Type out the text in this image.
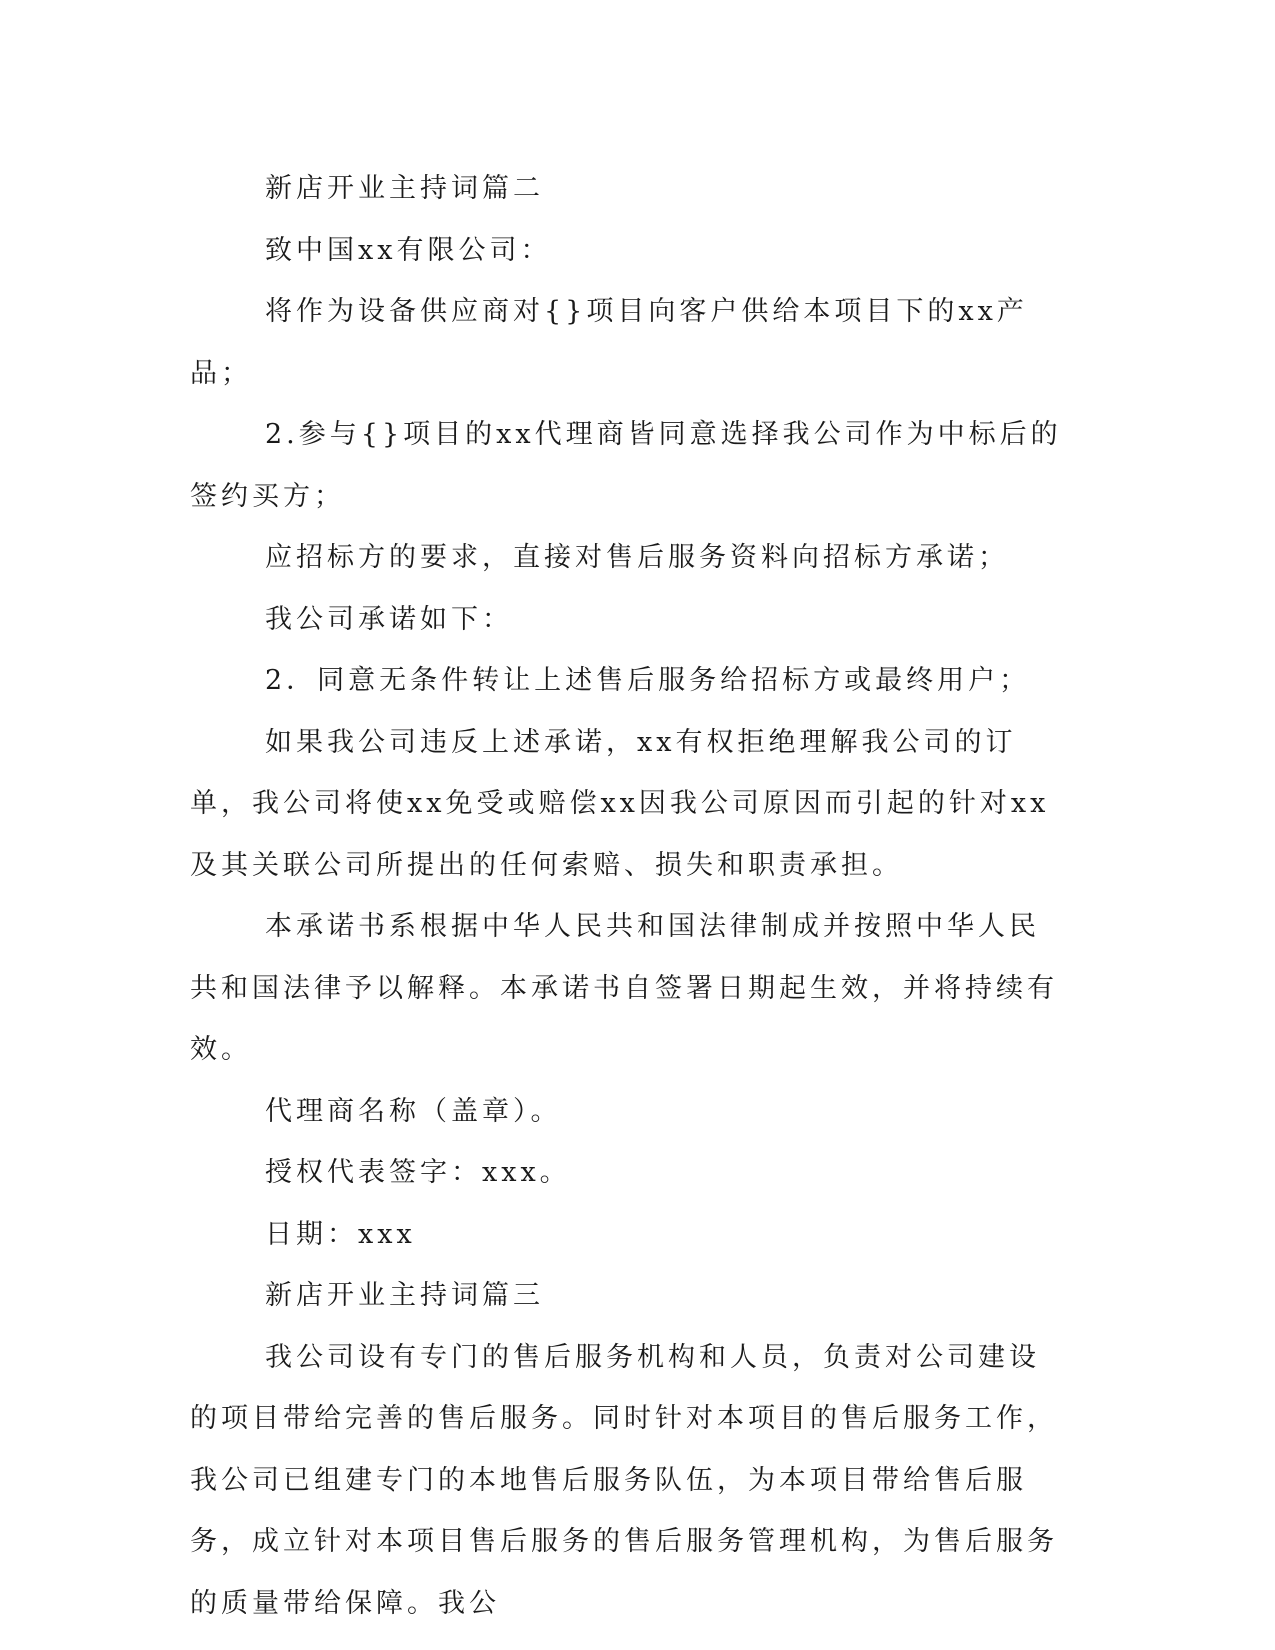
新店开业主持词篇二

致中国xx有限公司：

将作为设备供应商对{}项目向客户供给本项目下的xx产品；

2.参与{}项目的xx代理商皆同意选择我公司作为中标后的签约买方；

应招标方的要求，直接对售后服务资料向招标方承诺；

我公司承诺如下：

2．同意无条件转让上述售后服务给招标方或最终用户；

如果我公司违反上述承诺，xx有权拒绝理解我公司的订单，我公司将使xx免受或赔偿xx因我公司原因而引起的针对xx及其关联公司所提出的任何索赔、损失和职责承担。

本承诺书系根据中华人民共和国法律制成并按照中华人民共和国法律予以解释。本承诺书自签署日期起生效，并将持续有效。

代理商名称（盖章）。

授权代表签字：xxx。

日期：xxx

新店开业主持词篇三

我公司设有专门的售后服务机构和人员，负责对公司建设的项目带给完善的售后服务。同时针对本项目的售后服务工作，我公司已组建专门的本地售后服务队伍，为本项目带给售后服务，成立针对本项目售后服务的售后服务管理机构，为售后服务的质量带给保障。我公
